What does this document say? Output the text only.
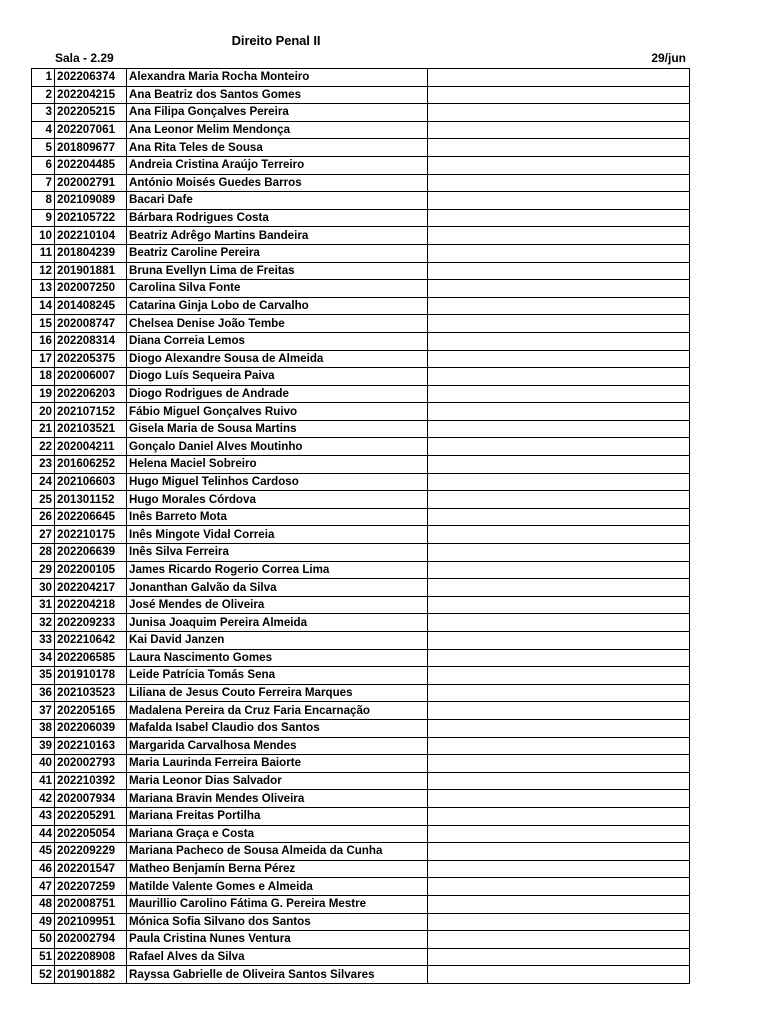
Direito Penal II
Sala - 2.29	29/jun
1	202206374	Alexandra Maria Rocha Monteiro	
2	202204215	Ana Beatriz dos Santos Gomes	
3	202205215	Ana Filipa Gonçalves Pereira	
4	202207061	Ana Leonor Melim Mendonça	
5	201809677	Ana Rita Teles de Sousa	
6	202204485	Andreia Cristina Araújo Terreiro	
7	202002791	António Moisés Guedes Barros	
8	202109089	Bacari Dafe	
9	202105722	Bárbara Rodrigues Costa	
10	202210104	Beatriz Adrêgo Martins Bandeira	
11	201804239	Beatriz Caroline Pereira	
12	201901881	Bruna Evellyn Lima de Freitas	
13	202007250	Carolina Silva Fonte	
14	201408245	Catarina Ginja Lobo de Carvalho	
15	202008747	Chelsea Denise João Tembe	
16	202208314	Diana Correia Lemos	
17	202205375	Diogo Alexandre Sousa de Almeida	
18	202006007	Diogo Luís Sequeira Paiva	
19	202206203	Diogo Rodrigues de Andrade	
20	202107152	Fábio Miguel Gonçalves Ruivo	
21	202103521	Gisela Maria de Sousa Martins	
22	202004211	Gonçalo Daniel Alves Moutinho	
23	201606252	Helena Maciel Sobreiro	
24	202106603	Hugo Miguel Telinhos Cardoso	
25	201301152	Hugo Morales Córdova	
26	202206645	Inês Barreto Mota	
27	202210175	Inês Mingote Vidal Correia	
28	202206639	Inês Silva Ferreira	
29	202200105	James Ricardo Rogerio Correa Lima	
30	202204217	Jonanthan Galvão da Silva	
31	202204218	José Mendes de Oliveira	
32	202209233	Junisa Joaquim Pereira Almeida	
33	202210642	Kai David Janzen	
34	202206585	Laura Nascimento Gomes	
35	201910178	Leide Patrícia Tomás Sena	
36	202103523	Liliana de Jesus Couto Ferreira Marques	
37	202205165	Madalena Pereira da Cruz Faria Encarnação	
38	202206039	Mafalda Isabel Claudio dos Santos	
39	202210163	Margarida Carvalhosa Mendes	
40	202002793	Maria Laurinda Ferreira Baiorte	
41	202210392	Maria Leonor Dias Salvador	
42	202007934	Mariana Bravin Mendes Oliveira	
43	202205291	Mariana Freitas Portilha	
44	202205054	Mariana Graça e Costa	
45	202209229	Mariana Pacheco de Sousa Almeida da Cunha	
46	202201547	Matheo Benjamín Berna Pérez	
47	202207259	Matilde Valente Gomes e Almeida	
48	202008751	Maurillio Carolino Fátima G. Pereira Mestre	
49	202109951	Mónica Sofia Silvano dos Santos	
50	202002794	Paula Cristina Nunes Ventura	
51	202208908	Rafael Alves da Silva	
52	201901882	Rayssa Gabrielle de Oliveira Santos Silvares	
